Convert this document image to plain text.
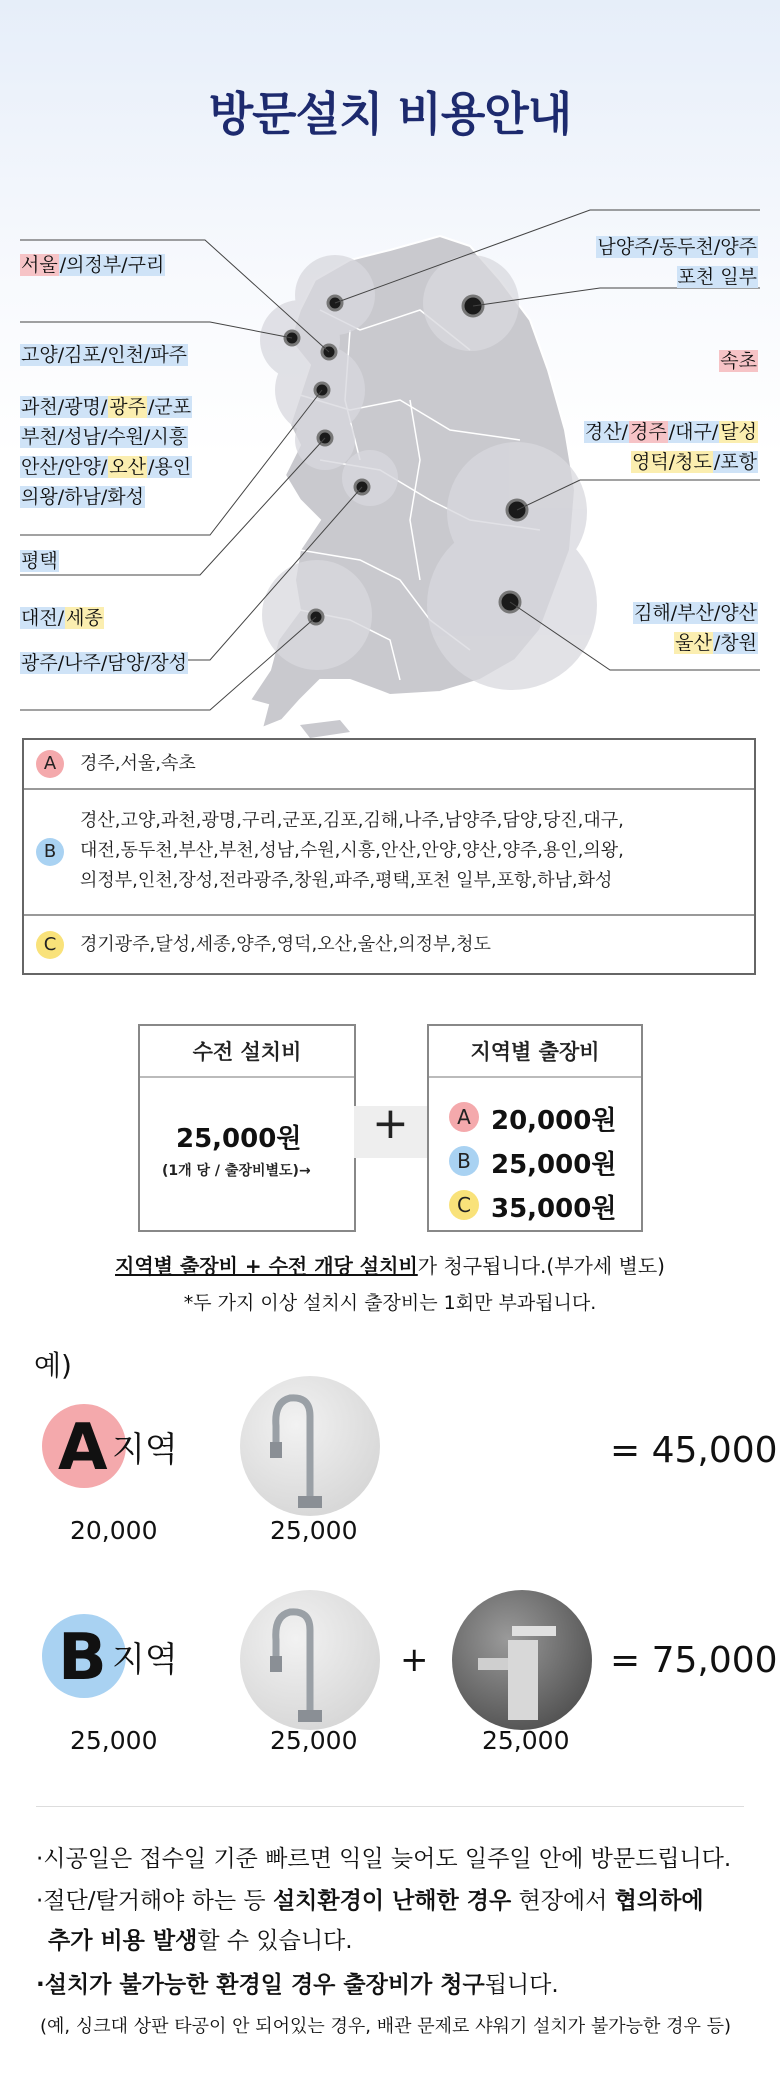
방문설치 비용안내
서울 /의정부/구리
고양/김포/인천/파주
과천/광명/ 광주 /군포
부천/성남/수원/시흥
안산/안양/ 오산 /용인
의왕/하남/화성
평택
대전/ 세종
광주/나주/담양/장성
남양주/동두천/양주
포천 일부
속초
경산/ 경주 /대구/ 달성
영덕/청도 /포항
김해/부산/양산
울산 /창원
A	경주,서울,속초
B
경산,고양,과천,광명,구리,군포,김포,김해,나주,남양주,담양,당진,대구,
대전,동두천,부산,부천,성남,수원,시흥,안산,안양,양산,양주,용인,의왕,
의정부,인천,장성,전라광주,창원,파주,평택,포천 일부,포항,하남,화성
C	경기광주,달성,세종,양주,영덕,오산,울산,의정부,청도
수전 설치비
25,000원
(1개 당 / 출장비별도)→
+
지역별 출장비
A 20,000원
B 25,000원
C 35,000원
지역별 출장비 + 수전 개당 설치비가 청구됩니다.(부가세 별도)
*두 가지 이상 설치시 출장비는 1회만 부과됩니다.
예)
A 지역
20,000	25,000
= 45,000
B 지역
25,000	25,000
+
25,000
= 75,000
·시공일은 접수일 기준 빠르면 익일 늦어도 일주일 안에 방문드립니다.
·절단/탈거해야 하는 등 설치환경이 난해한 경우 현장에서 협의하에
추가 비용 발생할 수 있습니다.
·설치가 불가능한 환경일 경우 출장비가 청구됩니다.
(예, 싱크대 상판 타공이 안 되어있는 경우, 배관 문제로 샤워기 설치가 불가능한 경우 등)
